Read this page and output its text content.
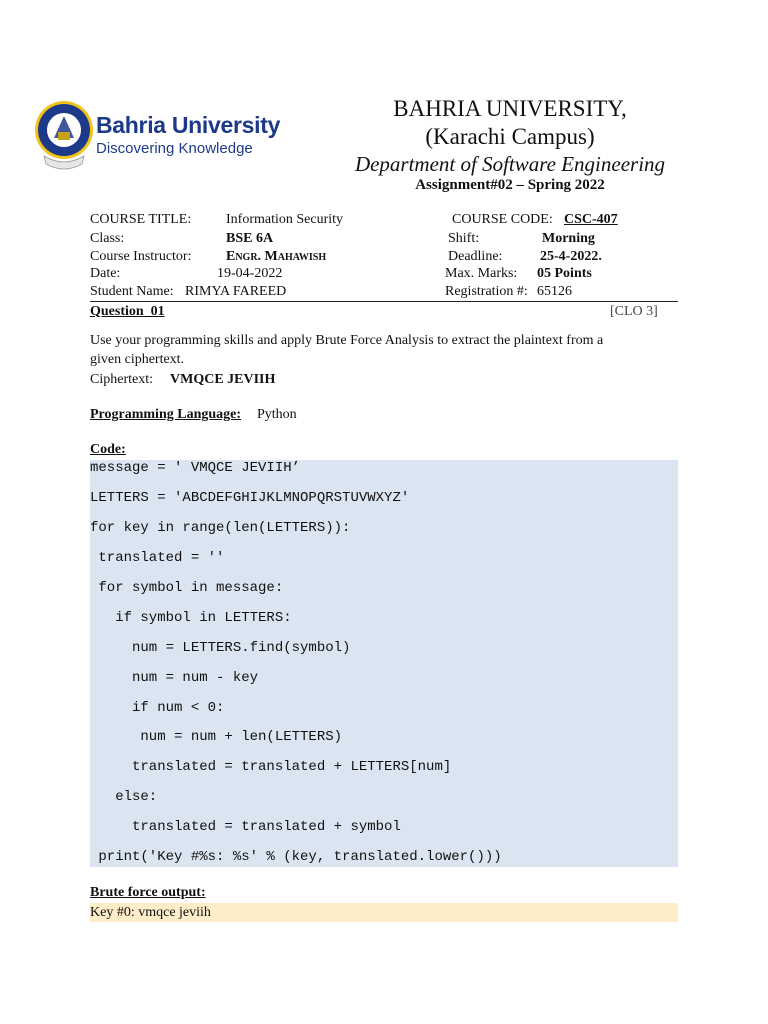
Bahria University
Discovering Knowledge
BAHRIA UNIVERSITY,
(Karachi Campus)
Department of Software Engineering
Assignment#02 – Spring 2022
COURSE TITLE: Information Security	COURSE CODE: CSC-407
Class:	BSE 6A	Shift:	Morning
Course Instructor: Engr. Mahawish	Deadline:	25-4-2022.
Date:	19-04-2022	Max. Marks: 05 Points
Student Name: RIMYA FAREED	Registration #: 65126
Question_01	[CLO 3]
Use your programming skills and apply Brute Force Analysis to extract the plaintext from a
given ciphertext.
Ciphertext: VMQCE JEVIIH
Programming Language: Python
Code:
message = ' VMQCE JEVIIH’
LETTERS = 'ABCDEFGHIJKLMNOPQRSTUVWXYZ'
for key in range(len(LETTERS)):
translated = ''
for symbol in message:
if symbol in LETTERS:
num = LETTERS.find(symbol)
num = num - key
if num < 0:
num = num + len(LETTERS)
translated = translated + LETTERS[num]
else:
translated = translated + symbol
print('Key #%s: %s' % (key, translated.lower()))
Brute force output:
Key #0: vmqce jeviih
